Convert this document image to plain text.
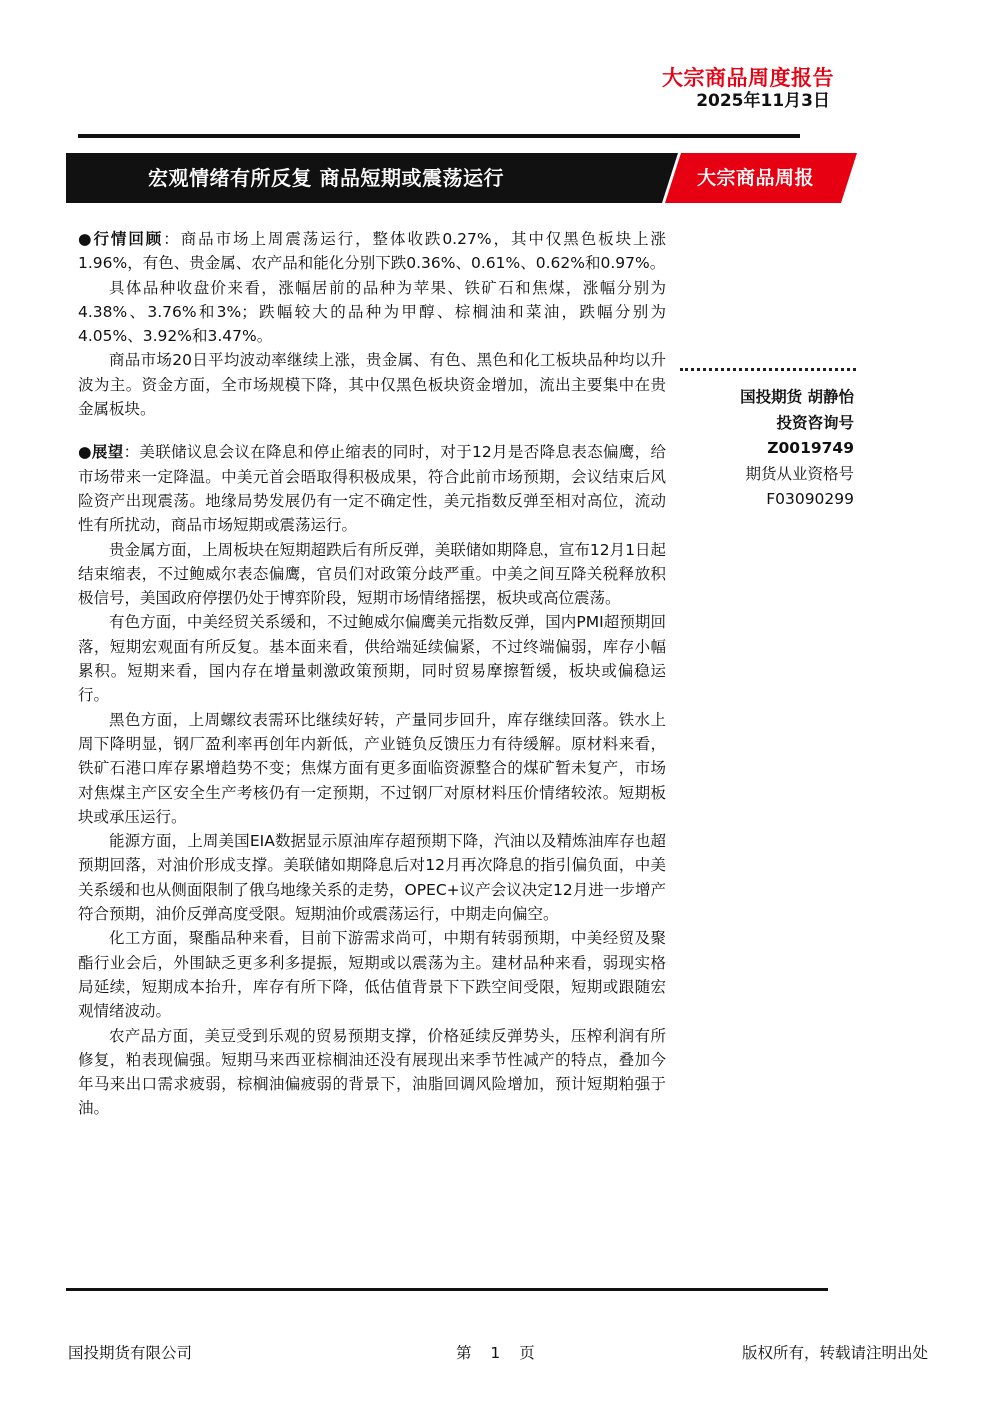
大宗商品周度报告
2025年11月3日
宏观情绪有所反复 商品短期或震荡运行	大宗商品周报

●行情回顾：商品市场上周震荡运行，整体收跌0.27%，其中仅黑色板块上涨1.96%，有色、贵金属、农产品和能化分别下跌0.36%、0.61%、0.62%和0.97%。

具体品种收盘价来看，涨幅居前的品种为苹果、铁矿石和焦煤，涨幅分别为4.38%、3.76%和3%；跌幅较大的品种为甲醇、棕榈油和菜油，跌幅分别为4.05%、3.92%和3.47%。

商品市场20日平均波动率继续上涨，贵金属、有色、黑色和化工板块品种均以升波为主。资金方面，全市场规模下降，其中仅黑色板块资金增加，流出主要集中在贵金属板块。

●展望：美联储议息会议在降息和停止缩表的同时，对于12月是否降息表态偏鹰，给市场带来一定降温。中美元首会晤取得积极成果，符合此前市场预期，会议结束后风险资产出现震荡。地缘局势发展仍有一定不确定性，美元指数反弹至相对高位，流动性有所扰动，商品市场短期或震荡运行。

贵金属方面，上周板块在短期超跌后有所反弹，美联储如期降息，宣布12月1日起结束缩表，不过鲍威尔表态偏鹰，官员们对政策分歧严重。中美之间互降关税释放积极信号，美国政府停摆仍处于博弈阶段，短期市场情绪摇摆，板块或高位震荡。

有色方面，中美经贸关系缓和，不过鲍威尔偏鹰美元指数反弹，国内PMI超预期回落，短期宏观面有所反复。基本面来看，供给端延续偏紧，不过终端偏弱，库存小幅累积。短期来看，国内存在增量刺激政策预期，同时贸易摩擦暂缓，板块或偏稳运行。

黑色方面，上周螺纹表需环比继续好转，产量同步回升，库存继续回落。铁水上周下降明显，钢厂盈利率再创年内新低，产业链负反馈压力有待缓解。原材料来看，铁矿石港口库存累增趋势不变；焦煤方面有更多面临资源整合的煤矿暂未复产，市场对焦煤主产区安全生产考核仍有一定预期，不过钢厂对原材料压价情绪较浓。短期板块或承压运行。

能源方面，上周美国EIA数据显示原油库存超预期下降，汽油以及精炼油库存也超预期回落，对油价形成支撑。美联储如期降息后对12月再次降息的指引偏负面，中美关系缓和也从侧面限制了俄乌地缘关系的走势，OPEC+议产会议决定12月进一步增产符合预期，油价反弹高度受限。短期油价或震荡运行，中期走向偏空。

化工方面，聚酯品种来看，目前下游需求尚可，中期有转弱预期，中美经贸及聚酯行业会后，外围缺乏更多利多提振，短期或以震荡为主。建材品种来看，弱现实格局延续，短期成本抬升，库存有所下降，低估值背景下下跌空间受限，短期或跟随宏观情绪波动。

农产品方面，美豆受到乐观的贸易预期支撑，价格延续反弹势头，压榨利润有所修复，粕表现偏强。短期马来西亚棕榈油还没有展现出来季节性减产的特点，叠加今年马来出口需求疲弱，棕榈油偏疲弱的背景下，油脂回调风险增加，预计短期粕强于油。

国投期货 胡静怡
投资咨询号
Z0019749
期货从业资格号
F03090299
国投期货有限公司	第 1 页	版权所有，转载请注明出处
